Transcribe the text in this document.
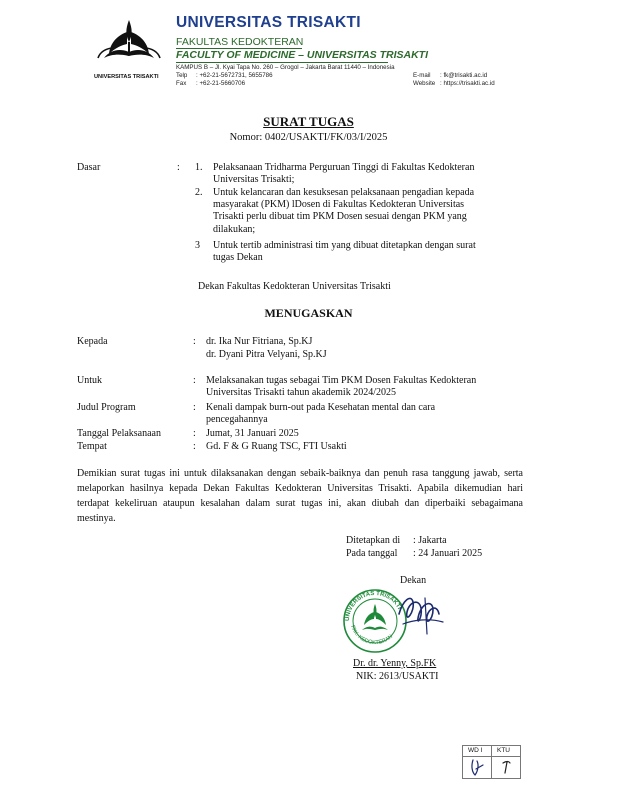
UNIVERSITAS TRISAKTI
UNIVERSITAS TRISAKTI
FAKULTAS KEDOKTERAN
FACULTY OF MEDICINE – UNIVERSITAS TRISAKTI
KAMPUS B – Jl. Kyai Tapa No. 260 – Grogol – Jakarta Barat 11440 – Indonesia
Telp : +62-21-5672731, 5655786
Fax : +62-21-5660706
E-mail : fk@trisakti.ac.id
Website : https://trisakti.ac.id
SURAT TUGAS
Nomor: 0402/USAKTI/FK/03/I/2025
Dasar	: 1. Pelaksanaan Tridharma Perguruan Tinggi di Fakultas Kedokteran
Universitas Trisakti;
2. Untuk kelancaran dan kesuksesan pelaksanaan pengadian kepada
masyarakat (PKM) lDosen di Fakultas Kedokteran Universitas
Trisakti perlu dibuat tim PKM Dosen sesuai dengan PKM yang
dilakukan;
3 Untuk tertib administrasi tim yang dibuat ditetapkan dengan surat
tugas Dekan
Dekan Fakultas Kedokteran Universitas Trisakti
MENUGASKAN
Kepada	: dr. Ika Nur Fitriana, Sp.KJ
dr. Dyani Pitra Velyani, Sp.KJ
Untuk	: Melaksanakan tugas sebagai Tim PKM Dosen Fakultas Kedokteran
Universitas Trisakti tahun akademik 2024/2025
Judul Program	: Kenali dampak burn-out pada Kesehatan mental dan cara
pencegahannya
Tanggal Pelaksanaan	: Jumat, 31 Januari 2025
Tempat	: Gd. F & G Ruang TSC, FTI Usakti
Demikian surat tugas ini untuk dilaksanakan dengan sebaik-baiknya dan penuh rasa tanggung jawab, serta melaporkan hasilnya kepada Dekan Fakultas Kedokteran Universitas Trisakti. Apabila dikemudian hari terdapat kekeliruan ataupun kesalahan dalam surat tugas ini, akan diubah dan diperbaiki sebagaimana mestinya.
Ditetapkan di : Jakarta
Pada tanggal : 24 Januari 2025
Dekan
UNIVERSITAS TRISAKTI
FAK. KEDOKTERAN
Dr. dr. Yenny, Sp.FK
NIK: 2613/USAKTI
WD I KTU
